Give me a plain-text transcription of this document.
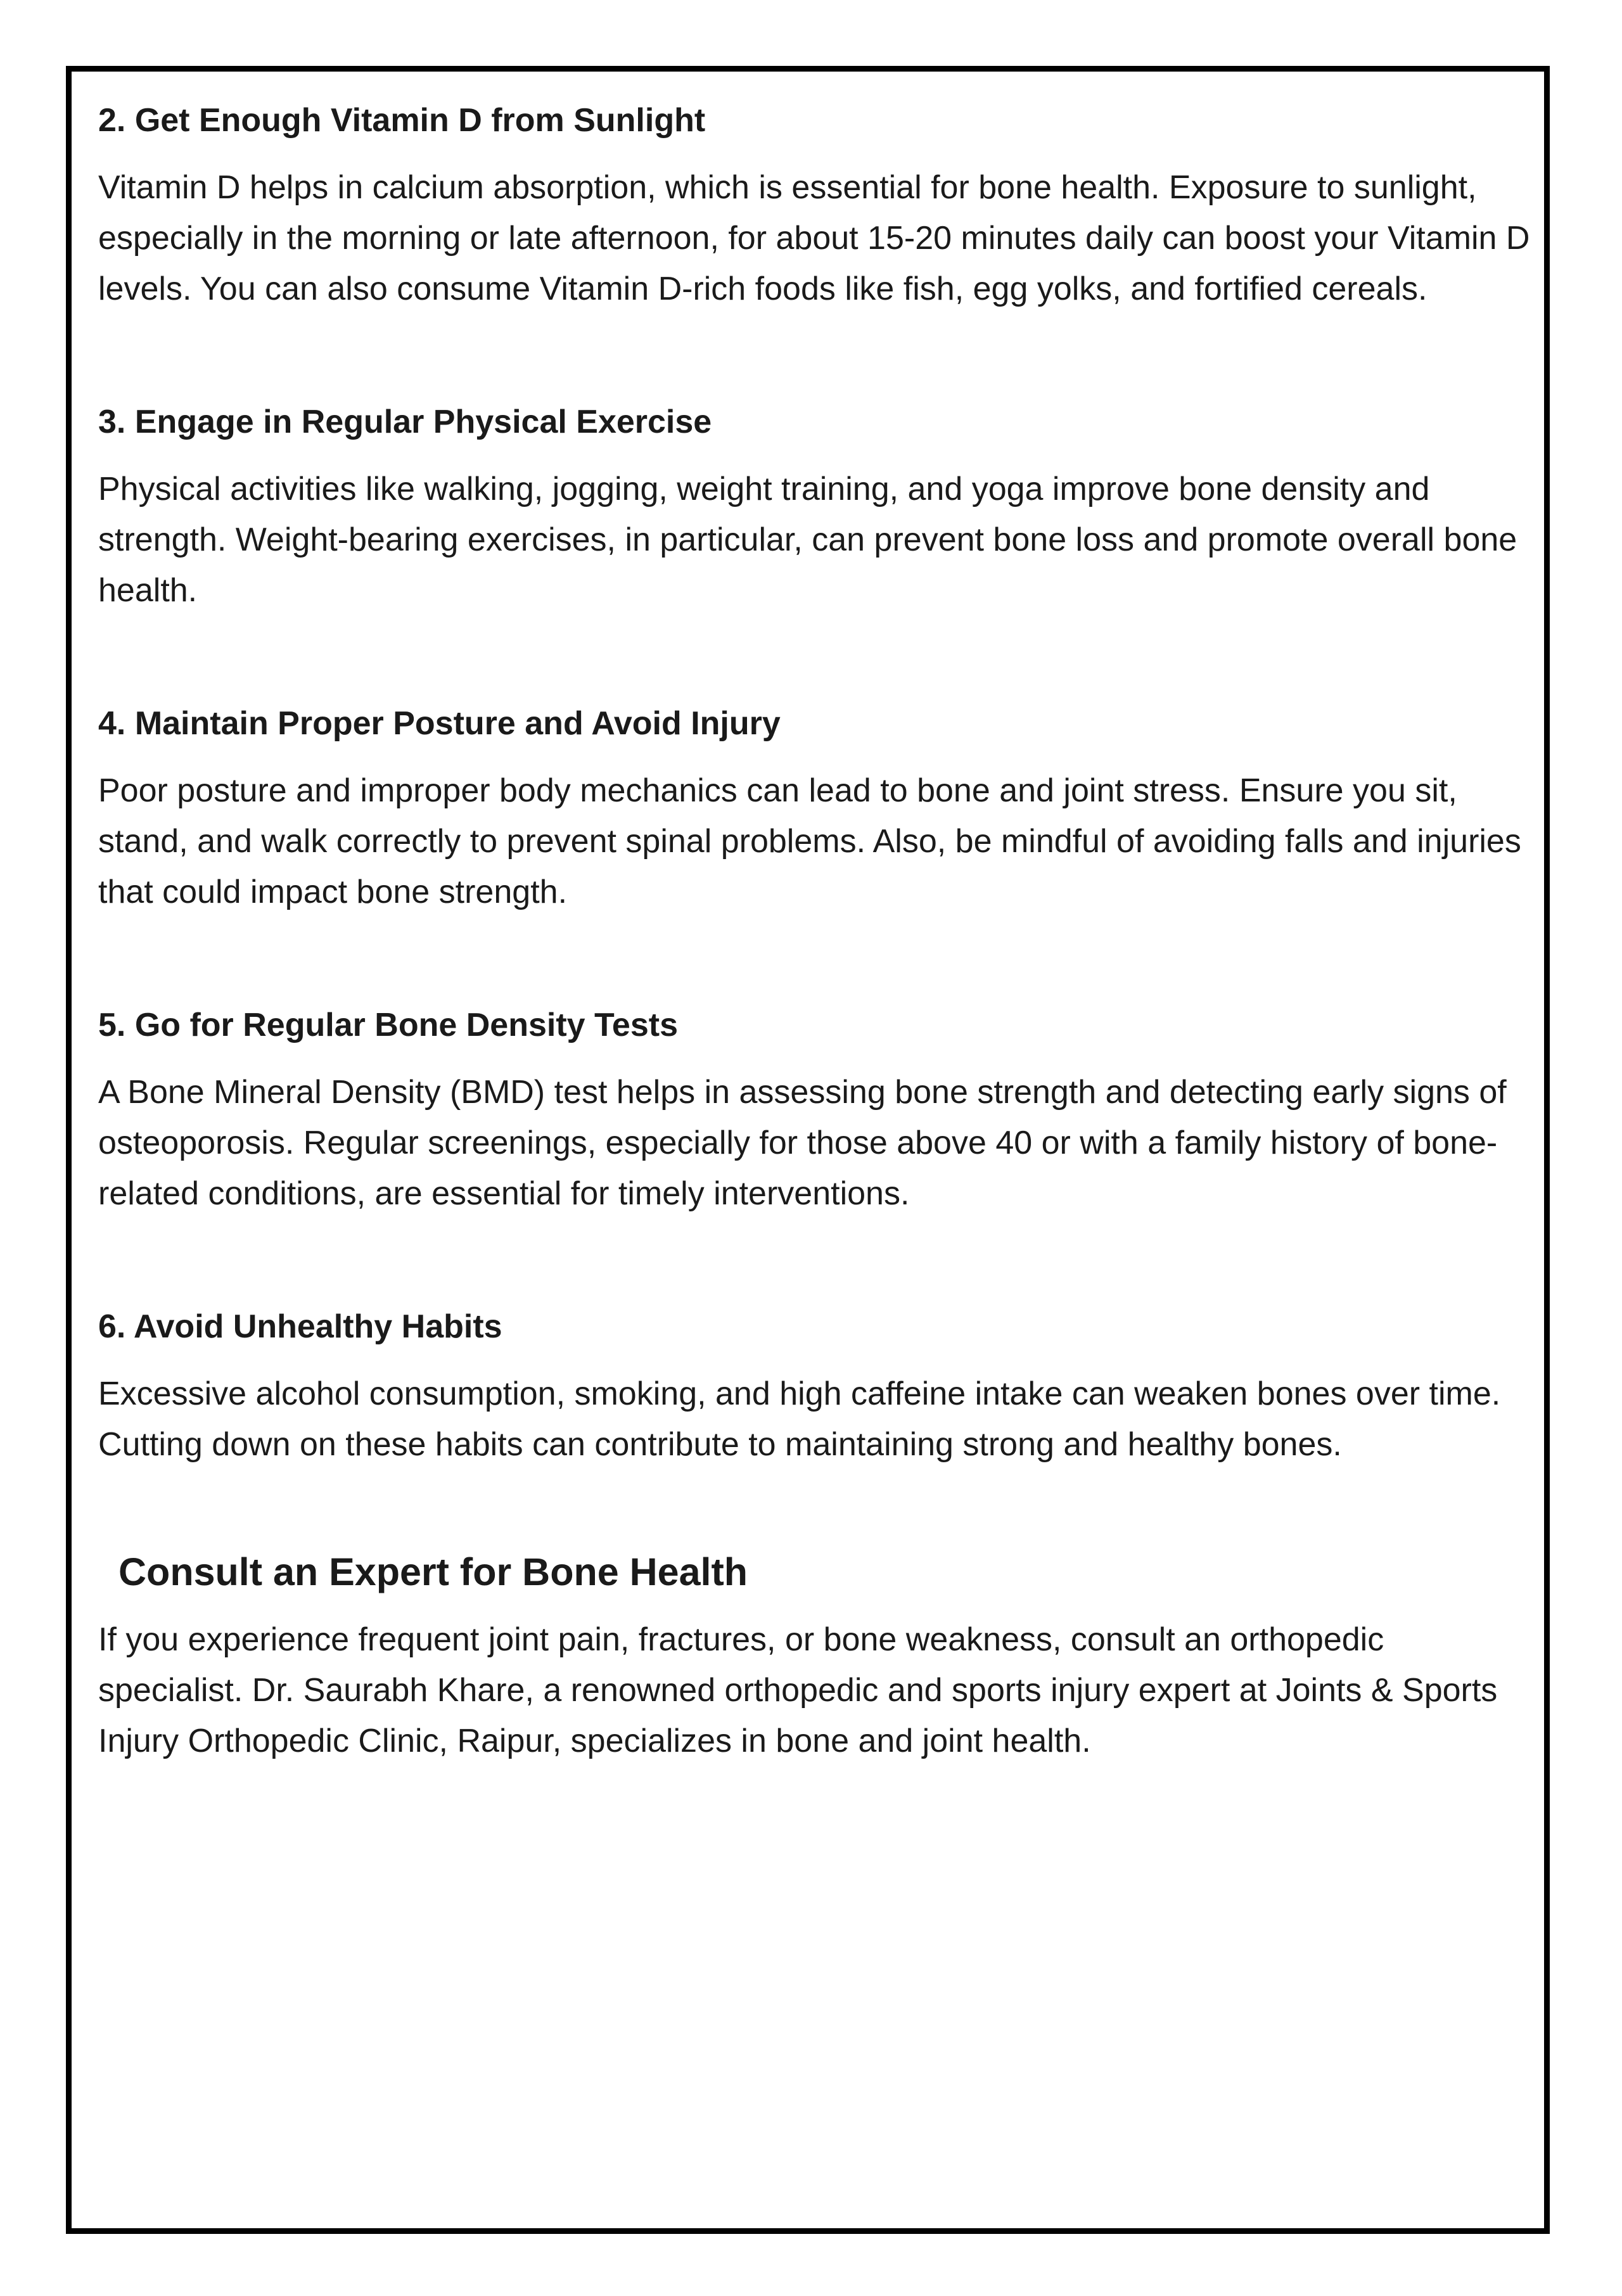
2. Get Enough Vitamin D from Sunlight

Vitamin D helps in calcium absorption, which is essential for bone health. Exposure to sunlight, especially in the morning or late afternoon, for about 15-20 minutes daily can boost your Vitamin D levels. You can also consume Vitamin D-rich foods like fish, egg yolks, and fortified cereals.

3. Engage in Regular Physical Exercise

Physical activities like walking, jogging, weight training, and yoga improve bone density and strength. Weight-bearing exercises, in particular, can prevent bone loss and promote overall bone health.

4. Maintain Proper Posture and Avoid Injury

Poor posture and improper body mechanics can lead to bone and joint stress. Ensure you sit, stand, and walk correctly to prevent spinal problems. Also, be mindful of avoiding falls and injuries that could impact bone strength.

5. Go for Regular Bone Density Tests

A Bone Mineral Density (BMD) test helps in assessing bone strength and detecting early signs of osteoporosis. Regular screenings, especially for those above 40 or with a family history of bone-related conditions, are essential for timely interventions.

6. Avoid Unhealthy Habits

Excessive alcohol consumption, smoking, and high caffeine intake can weaken bones over time. Cutting down on these habits can contribute to maintaining strong and healthy bones.

Consult an Expert for Bone Health

If you experience frequent joint pain, fractures, or bone weakness, consult an orthopedic specialist. Dr. Saurabh Khare, a renowned orthopedic and sports injury expert at Joints & Sports Injury Orthopedic Clinic, Raipur, specializes in bone and joint health.
